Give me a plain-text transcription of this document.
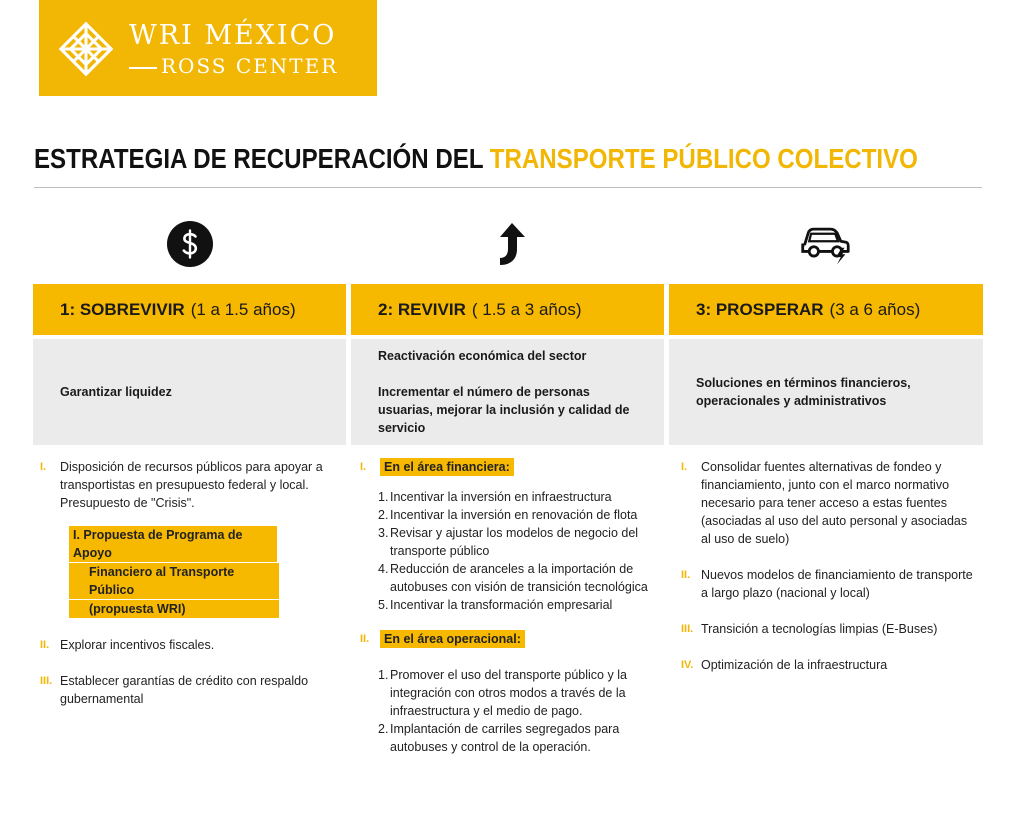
WRI MÉXICO
ROSS CENTER
ESTRATEGIA DE RECUPERACIÓN DEL TRANSPORTE PÚBLICO COLECTIVO
1: SOBREVIVIR (1 a 1.5 años)	2: REVIVIR ( 1.5 a 3 años)	3: PROSPERAR (3 a 6 años)

Garantizar liquidez

Reactivación económica del sector

Incrementar el número de personas usuarias, mejorar la inclusión y calidad de servicio

Soluciones en términos financieros, operacionales y administrativos

I. Disposición de recursos públicos para apoyar a transportistas en presupuesto federal y local. Presupuesto de "Crisis".
I. Propuesta de Programa de Apoyo
Financiero al Transporte Público
(propuesta WRI)
II. Explorar incentivos fiscales.
III. Establecer garantías de crédito con respaldo gubernamental
I. En el área financiera:
1. Incentivar la inversión en infraestructura
2. Incentivar la inversión en renovación de flota
3. Revisar y ajustar los modelos de negocio del transporte público
4. Reducción de aranceles a la importación de autobuses con visión de transición tecnológica
5. Incentivar la transformación empresarial
II. En el área operacional:
1. Promover el uso del transporte público y la integración con otros modos a través de la infraestructura y el medio de pago.
2. Implantación de carriles segregados para autobuses y control de la operación.
I. Consolidar fuentes alternativas de fondeo y financiamiento, junto con el marco normativo necesario para tener acceso a estas fuentes (asociadas al uso del auto personal y asociadas al uso de suelo)
II. Nuevos modelos de financiamiento de transporte a largo plazo (nacional y local)
III. Transición a tecnologías limpias (E-Buses)
IV. Optimización de la infraestructura
